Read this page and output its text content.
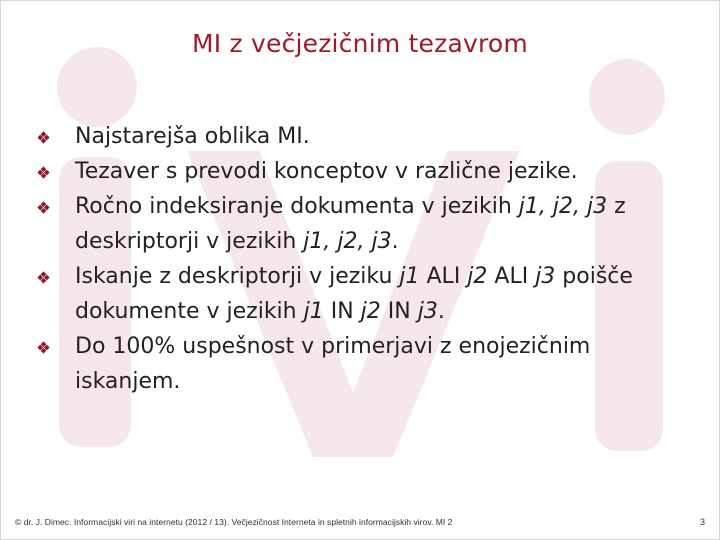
MI z večjezičnim tezavrom
Najstarejša oblika MI.
Tezaver s prevodi konceptov v različne jezike.
Ročno indeksiranje dokumenta v jezikih j1, j2, j3 z deskriptorji v jezikih j1, j2, j3.
Iskanje z deskriptorji v jeziku j1 ALI j2 ALI j3 poišče dokumente v jezikih j1 IN j2 IN j3.
Do 100% uspešnost v primerjavi z enojezičnim iskanjem.
© dr. J. Dimec. Informacijski viri na internetu (2012 / 13). Večjezičnost Interneta in spletnih informacijskih virov. MI 2	3
